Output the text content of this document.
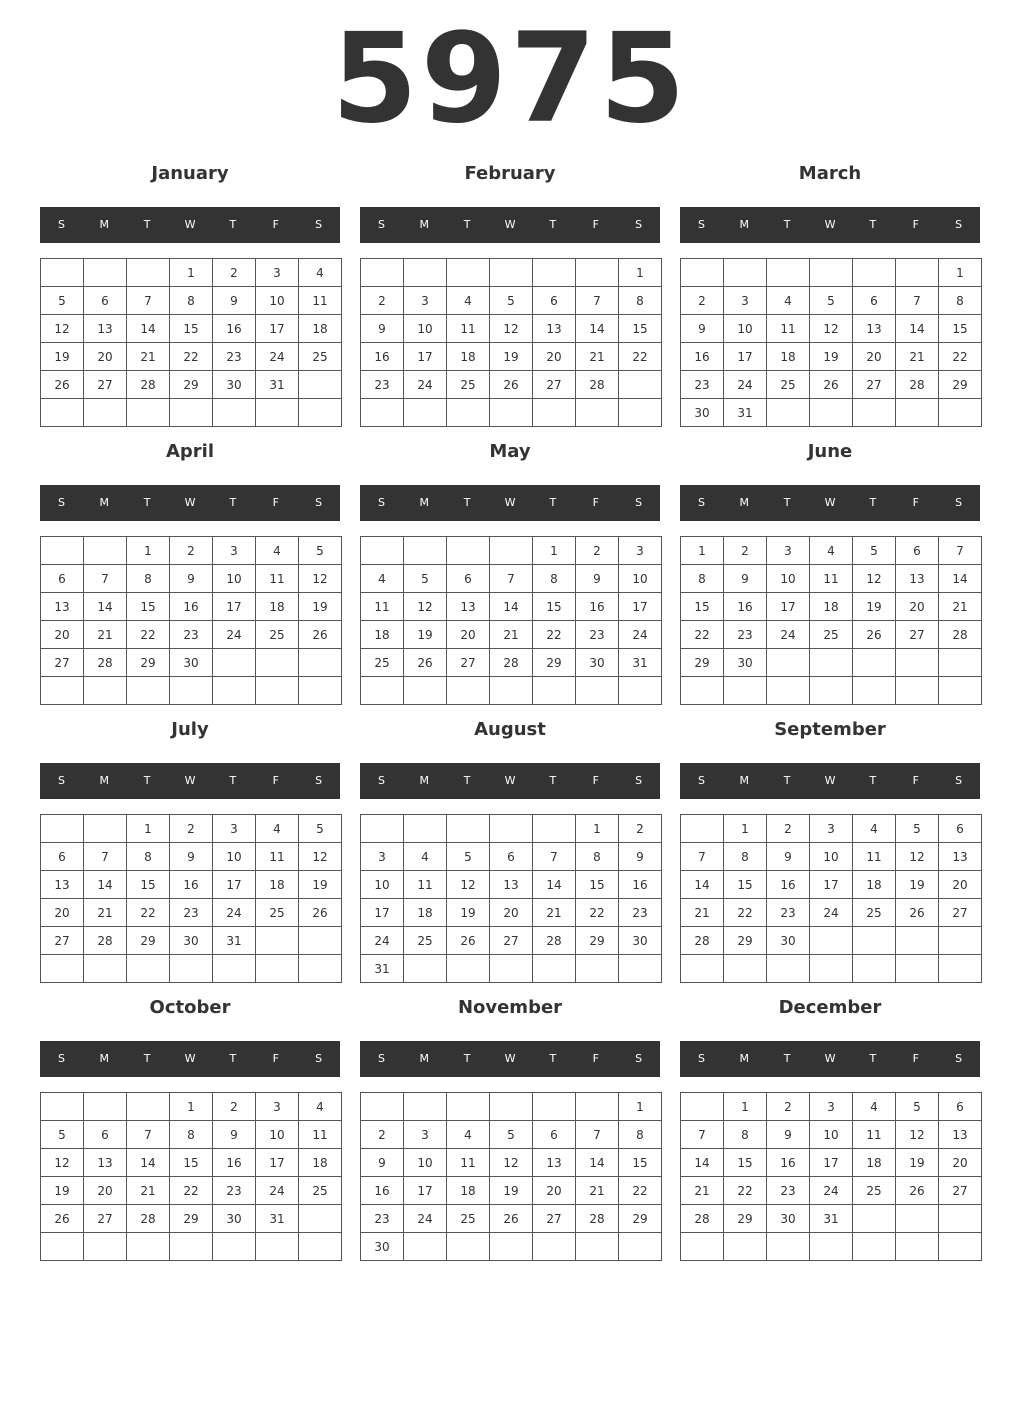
5975
January
S	M	T	W	T	F	S
			1	2	3	4
5	6	7	8	9	10	11
12	13	14	15	16	17	18
19	20	21	22	23	24	25
26	27	28	29	30	31	

February
S	M	T	W	T	F	S
						1
2	3	4	5	6	7	8
9	10	11	12	13	14	15
16	17	18	19	20	21	22
23	24	25	26	27	28	

March
S	M	T	W	T	F	S
						1
2	3	4	5	6	7	8
9	10	11	12	13	14	15
16	17	18	19	20	21	22
23	24	25	26	27	28	29
30	31					
April
S	M	T	W	T	F	S
		1	2	3	4	5
6	7	8	9	10	11	12
13	14	15	16	17	18	19
20	21	22	23	24	25	26
27	28	29	30			

May
S	M	T	W	T	F	S
				1	2	3
4	5	6	7	8	9	10
11	12	13	14	15	16	17
18	19	20	21	22	23	24
25	26	27	28	29	30	31

June
S	M	T	W	T	F	S
1	2	3	4	5	6	7
8	9	10	11	12	13	14
15	16	17	18	19	20	21
22	23	24	25	26	27	28
29	30					

July
S	M	T	W	T	F	S
		1	2	3	4	5
6	7	8	9	10	11	12
13	14	15	16	17	18	19
20	21	22	23	24	25	26
27	28	29	30	31		

August
S	M	T	W	T	F	S
					1	2
3	4	5	6	7	8	9
10	11	12	13	14	15	16
17	18	19	20	21	22	23
24	25	26	27	28	29	30
31						
September
S	M	T	W	T	F	S
	1	2	3	4	5	6
7	8	9	10	11	12	13
14	15	16	17	18	19	20
21	22	23	24	25	26	27
28	29	30				

October
S	M	T	W	T	F	S
			1	2	3	4
5	6	7	8	9	10	11
12	13	14	15	16	17	18
19	20	21	22	23	24	25
26	27	28	29	30	31	

November
S	M	T	W	T	F	S
						1
2	3	4	5	6	7	8
9	10	11	12	13	14	15
16	17	18	19	20	21	22
23	24	25	26	27	28	29
30						
December
S	M	T	W	T	F	S
	1	2	3	4	5	6
7	8	9	10	11	12	13
14	15	16	17	18	19	20
21	22	23	24	25	26	27
28	29	30	31			
